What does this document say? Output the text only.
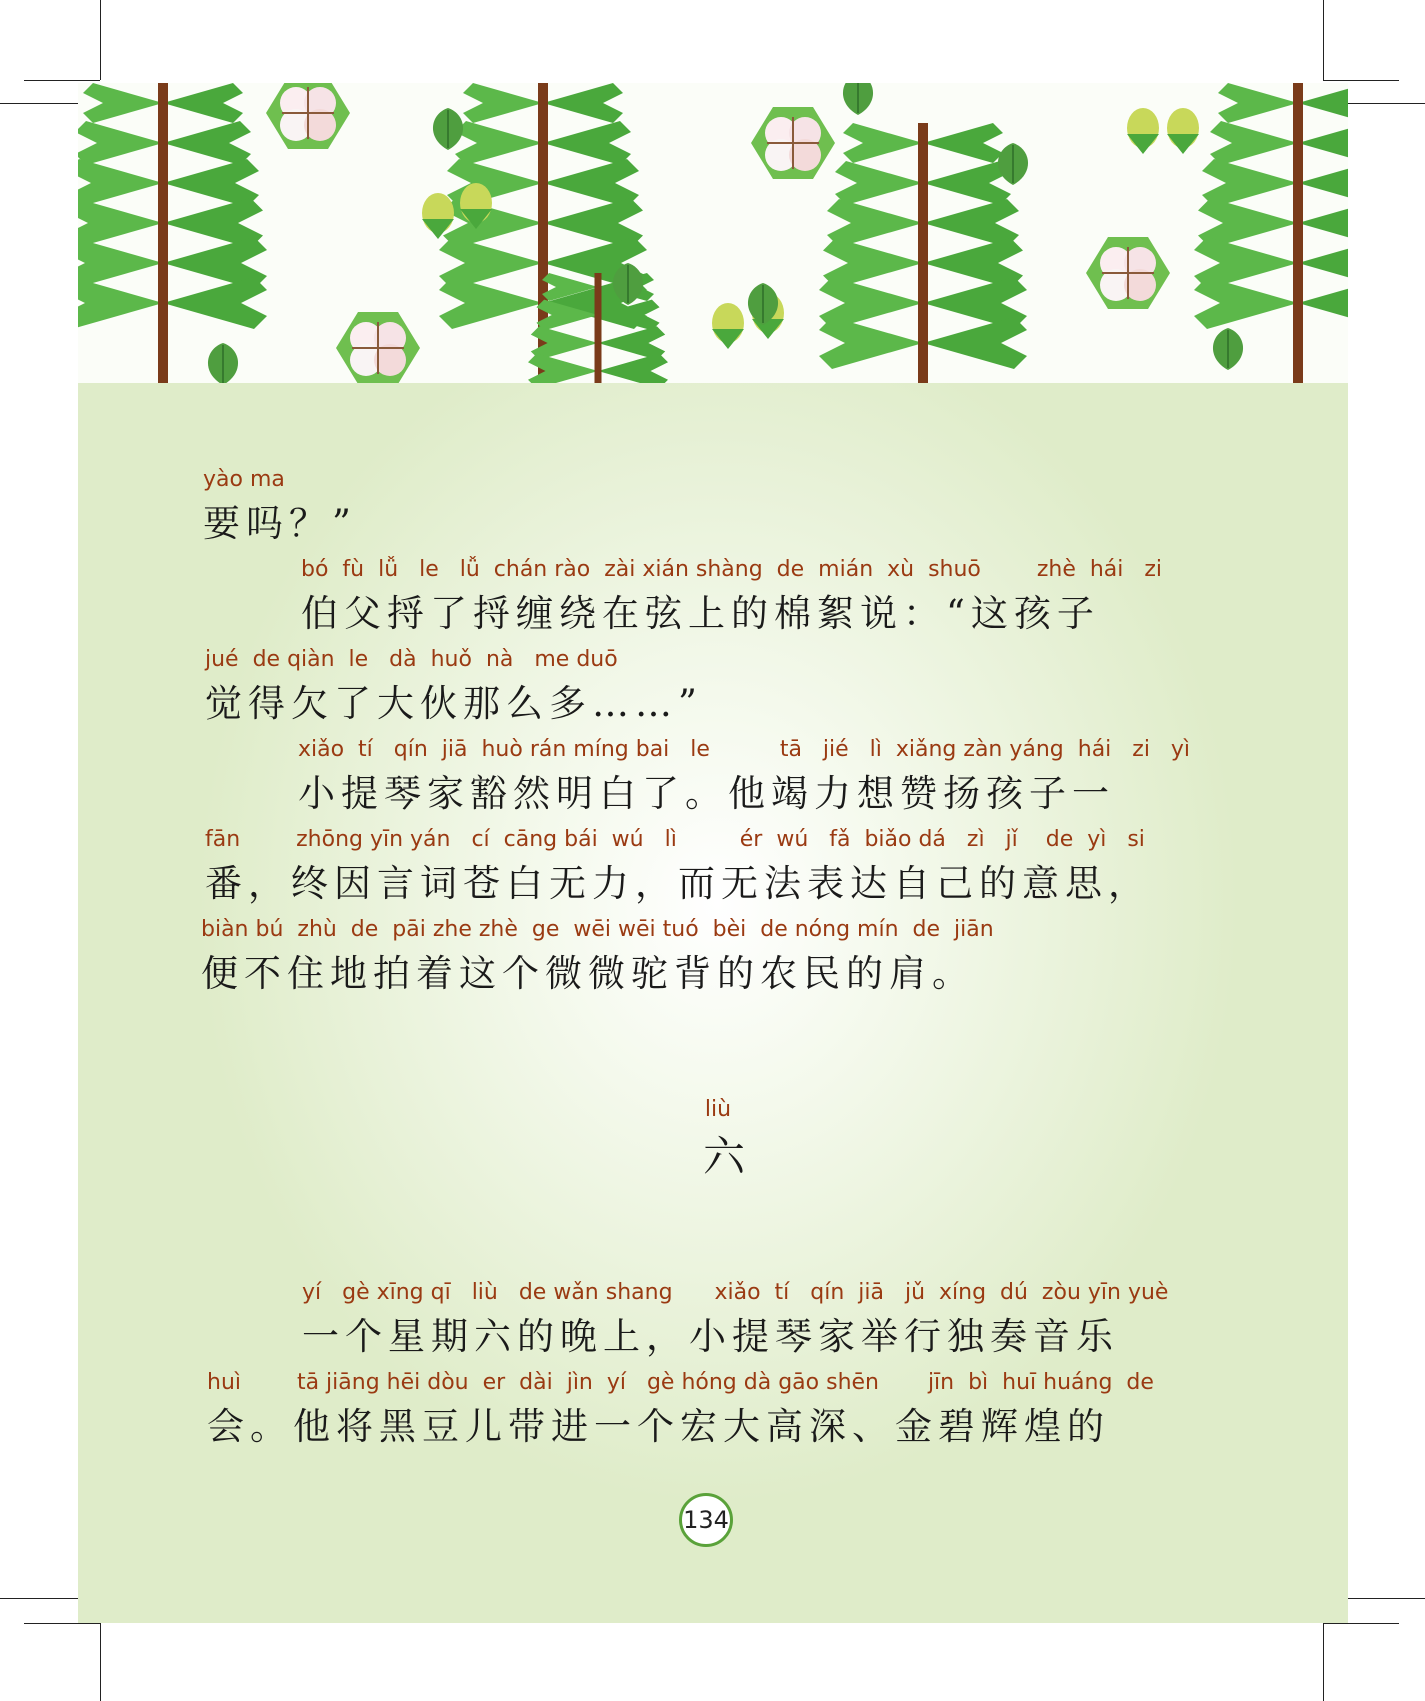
yào ma
要吗？”
bó  fù  lǚ   le   lǚ  chán rào  zài xián shàng  de  mián  xù  shuō        zhè  hái   zi
伯父捋了捋缠绕在弦上的棉絮说：“这孩子
jué  de qiàn  le   dà  huǒ  nà   me duō
觉得欠了大伙那么多……”
xiǎo  tí   qín  jiā  huò rán míng bai   le          tā   jié   lì  xiǎng zàn yáng  hái   zi   yì
小提琴家豁然明白了。他竭力想赞扬孩子一
fān        zhōng yīn yán   cí  cāng bái  wú   lì         ér  wú   fǎ  biǎo dá   zì   jǐ    de  yì   si
番，终因言词苍白无力，而无法表达自己的意思，
biàn bú  zhù  de  pāi zhe zhè  ge  wēi wēi tuó  bèi  de nóng mín  de  jiān
便不住地拍着这个微微驼背的农民的肩。
liù
六
yí   gè xīng qī   liù   de wǎn shang      xiǎo  tí   qín  jiā   jǔ  xíng  dú  zòu yīn yuè
一个星期六的晚上，小提琴家举行独奏音乐
huì        tā jiāng hēi dòu  er  dài  jìn  yí   gè hóng dà gāo shēn       jīn  bì  huī huáng  de
会。他将黑豆儿带进一个宏大高深、金碧辉煌的
134
